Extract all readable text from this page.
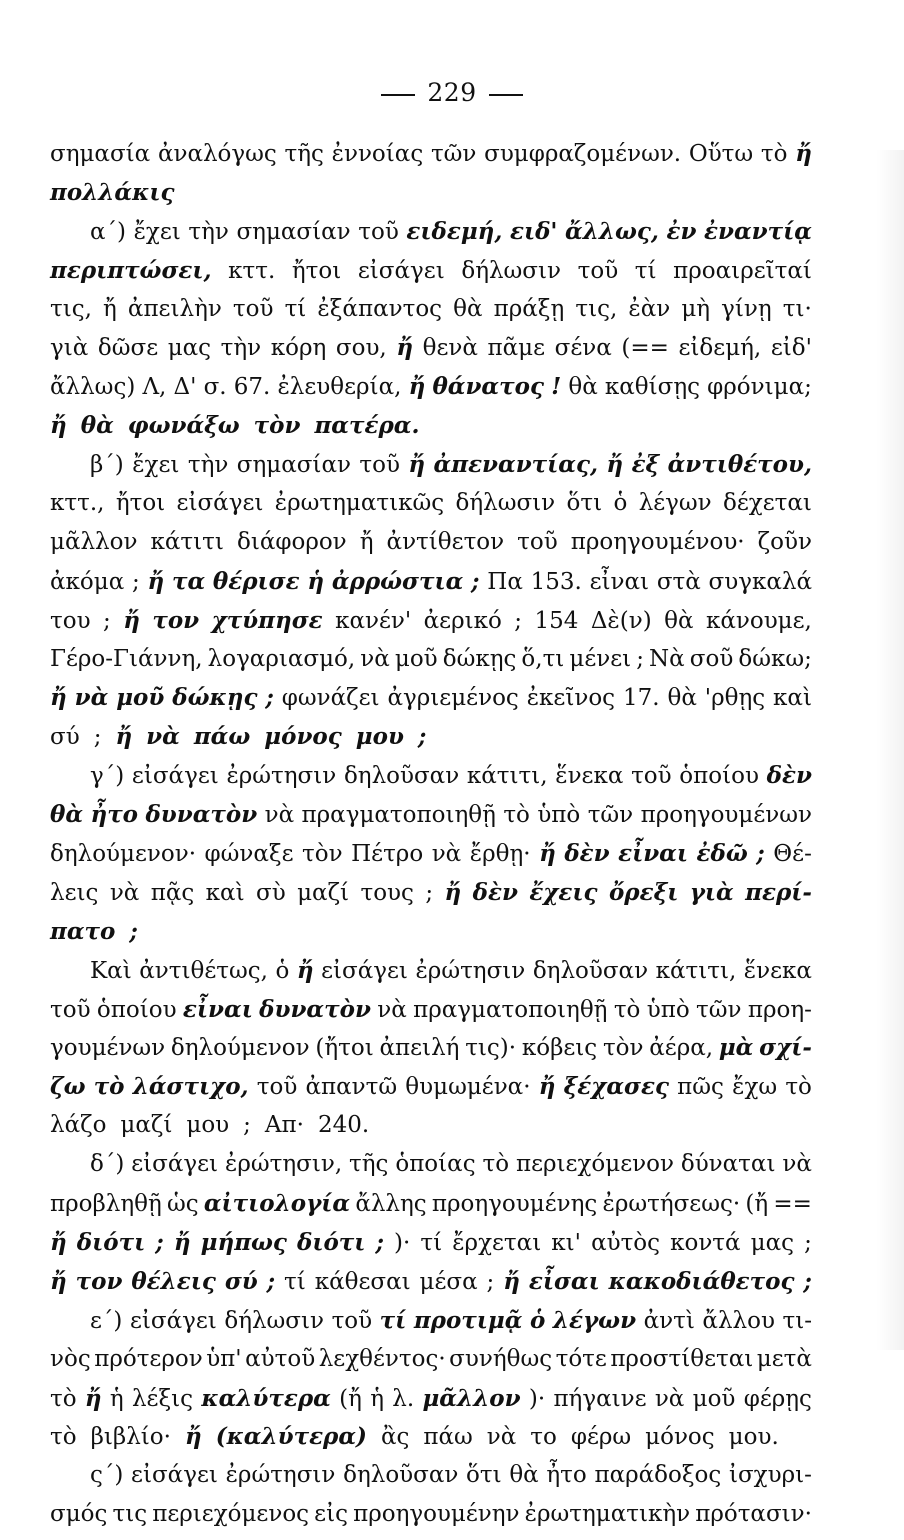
229
σημασία ἀναλόγως τῆς ἐννοίας τῶν συμφραζομένων. Οὕτω τὸ ἤ
πολλάκις
α΄) ἔχει τὴν σημασίαν τοῦ ειδεμή, ειδ' ἄλλως, ἐν ἐναντίᾳ
περιπτώσει, κττ. ἤτοι εἰσάγει δήλωσιν τοῦ τί προαιρεῖταί
τις, ἤ ἀπειλὴν τοῦ τί ἐξάπαντος θὰ πράξῃ τις, ἐὰν μὴ γίνῃ τι·
γιὰ δῶσε μας τὴν κόρη σου, ἤ θενὰ πᾶμε σένα (== εἰδεμή, εἰδ'
ἄλλως) Λ, Δ' σ. 67. ἐλευθερία, ἤ θάνατος ! θὰ καθίσῃς φρόνιμα;
ἤ θὰ φωνάξω τὸν πατέρα.
β΄) ἔχει τὴν σημασίαν τοῦ ἤ ἀπεναντίας, ἤ ἐξ ἀντιθέτου,
κττ., ἤτοι εἰσάγει ἐρωτηματικῶς δήλωσιν ὅτι ὁ λέγων δέχεται
μᾶλλον κάτιτι διάφορον ἤ ἀντίθετον τοῦ προηγουμένου· ζοῦν
ἀκόμα ; ἤ τα θέρισε ἡ ἀρρώστια ; Πα 153. εἶναι στὰ συγκαλά
του ; ἤ τον χτύπησε κανέν' ἀερικό ; 154 Δὲ(ν) θὰ κάνουμε,
Γέρο-Γιάννη, λογαριασμό, νὰ μοῦ δώκῃς ὅ,τι μένει ; Νὰ σοῦ δώκω;
ἤ νὰ μοῦ δώκῃς ; φωνάζει ἀγριεμένος ἐκεῖνος 17. θὰ 'ρθῃς καὶ
σύ ; ἤ νὰ πάω μόνος μου ;
γ΄) εἰσάγει ἐρώτησιν δηλοῦσαν κάτιτι, ἕνεκα τοῦ ὁποίου δὲν
θὰ ἦτο δυνατὸν νὰ πραγματοποιηθῇ τὸ ὑπὸ τῶν προηγουμένων
δηλούμενον· φώναξε τὸν Πέτρο νὰ ἔρθῃ· ἤ δὲν εἶναι ἐδῶ ; Θέ-
λεις νὰ πᾷς καὶ σὺ μαζί τους ; ἤ δὲν ἔχεις ὄρεξι γιὰ περί-
πατο ;
Καὶ ἀντιθέτως, ὁ ἤ εἰσάγει ἐρώτησιν δηλοῦσαν κάτιτι, ἕνεκα
τοῦ ὁποίου εἶναι δυνατὸν νὰ πραγματοποιηθῇ τὸ ὑπὸ τῶν προη-
γουμένων δηλούμενον (ἤτοι ἀπειλή τις)· κόβεις τὸν ἀέρα, μὰ σχί-
ζω τὸ λάστιχο, τοῦ ἀπαντῶ θυμωμένα· ἤ ξέχασες πῶς ἔχω τὸ
λάζο μαζί μου ; Απ· 240.
δ΄) εἰσάγει ἐρώτησιν, τῆς ὁποίας τὸ περιεχόμενον δύναται νὰ
προβληθῇ ὡς αἰτιολογία ἄλλης προηγουμένης ἐρωτήσεως· (ἤ ==
ἤ διότι ; ἤ μήπως διότι ; )· τί ἔρχεται κι' αὐτὸς κοντά μας ;
ἤ τον θέλεις σύ ; τί κάθεσαι μέσα ; ἤ εἶσαι κακοδιάθετος ;
ε΄) εἰσάγει δήλωσιν τοῦ τί προτιμᾷ ὁ λέγων ἀντὶ ἄλλου τι-
νὸς πρότερον ὑπ' αὐτοῦ λεχθέντος· συνήθως τότε προστίθεται μετὰ
τὸ ἤ ἡ λέξις καλύτερα (ἤ ἡ λ. μᾶλλον )· πήγαινε νὰ μοῦ φέρῃς
τὸ βιβλίο· ἤ (καλύτερα) ἂς πάω νὰ το φέρω μόνος μου.
ς΄) εἰσάγει ἐρώτησιν δηλοῦσαν ὅτι θὰ ἦτο παράδοξος ἰσχυρι-
σμός τις περιεχόμενος εἰς προηγουμένην ἐρωτηματικὴν πρότασιν·
